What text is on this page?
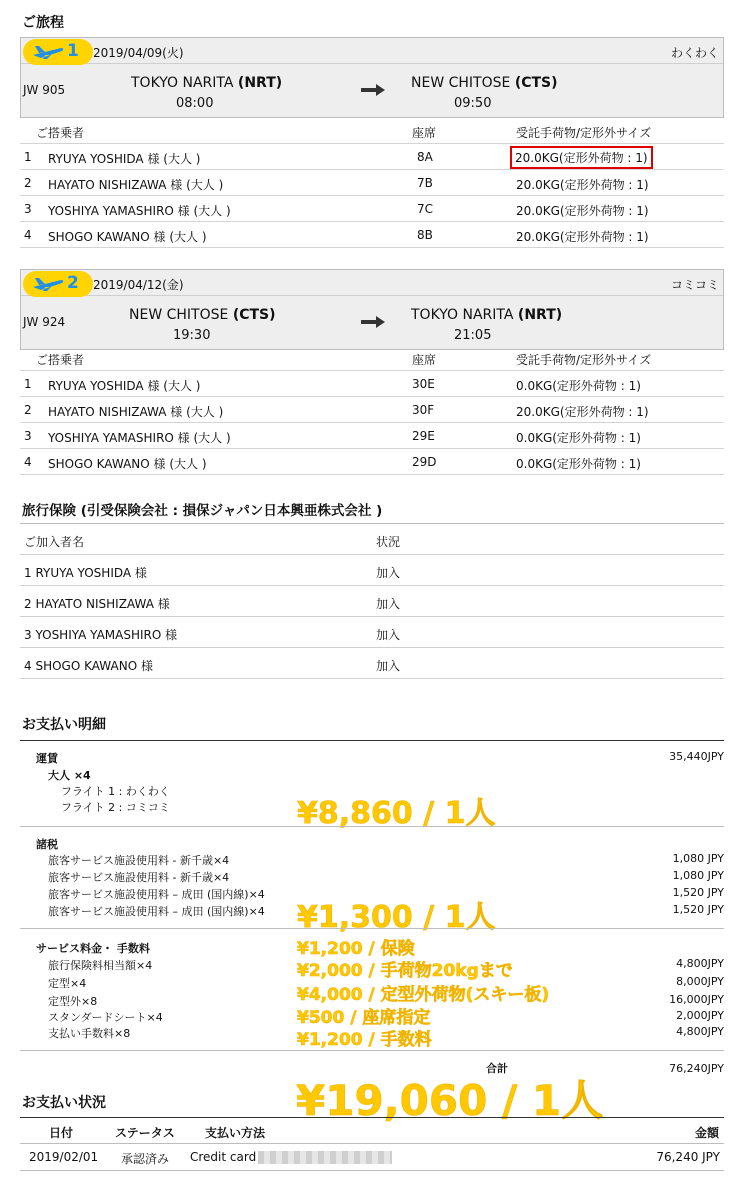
ご旅程
1 2019/04/09(火)	わくわく
JW 905	TOKYO NARITA (NRT)
08:00
NEW CHITOSE (CTS)
09:50
ご搭乗者	座席	受託手荷物/定形外サイズ
1 RYUYA YOSHIDA 様 (大人 )	8A	20.0KG(定形外荷物 : 1)
2 HAYATO NISHIZAWA 様 (大人 )	7B	20.0KG(定形外荷物 : 1)
3 YOSHIYA YAMASHIRO 様 (大人 )	7C	20.0KG(定形外荷物 : 1)
4 SHOGO KAWANO 様 (大人 )	8B	20.0KG(定形外荷物 : 1)
2 2019/04/12(金)	コミコミ
JW 924	NEW CHITOSE (CTS)
19:30
TOKYO NARITA (NRT)
21:05
ご搭乗者	座席	受託手荷物/定形外サイズ
1 RYUYA YOSHIDA 様 (大人 )	30E	0.0KG(定形外荷物 : 1)
2 HAYATO NISHIZAWA 様 (大人 )	30F	20.0KG(定形外荷物 : 1)
3 YOSHIYA YAMASHIRO 様 (大人 )	29E	0.0KG(定形外荷物 : 1)
4 SHOGO KAWANO 様 (大人 )	29D	0.0KG(定形外荷物 : 1)
旅行保険 (引受保険会社 : 損保ジャパン日本興亜株式会社 )
ご加入者名	状況
1 RYUYA YOSHIDA 様	加入
2 HAYATO NISHIZAWA 様	加入
3 YOSHIYA YAMASHIRO 様	加入
4 SHOGO KAWANO 様	加入
お支払い明細
運賃	35,440JPY
大人 ×4
フライト 1 : わくわく
フライト 2 : コミコミ	¥8,860 / 1人
諸税
旅客サービス施設使用料 - 新千歳×4	1,080 JPY
旅客サービス施設使用料 - 新千歳×4	1,080 JPY
旅客サービス施設使用料 – 成田 (国内線)×4	1,520 JPY
旅客サービス施設使用料 – 成田 (国内線)×4	1,520 JPY
¥1,300 / 1人
サービス料金・ 手数料
旅行保険料相当額×4	4,800JPY
定型×4	8,000JPY
定型外×8	16,000JPY
スタンダードシート×4	2,000JPY
支払い手数料×8	4,800JPY
¥1,200 / 保険
¥2,000 / 手荷物20kgまで
¥4,000 / 定型外荷物(スキー板)
¥500 / 座席指定
¥1,200 / 手数料
合計	76,240JPY
お支払い状況	¥19,060 / 1人
日付	ステータス	支払い方法	金額
2019/02/01 承認済み Credit card	76,240 JPY
